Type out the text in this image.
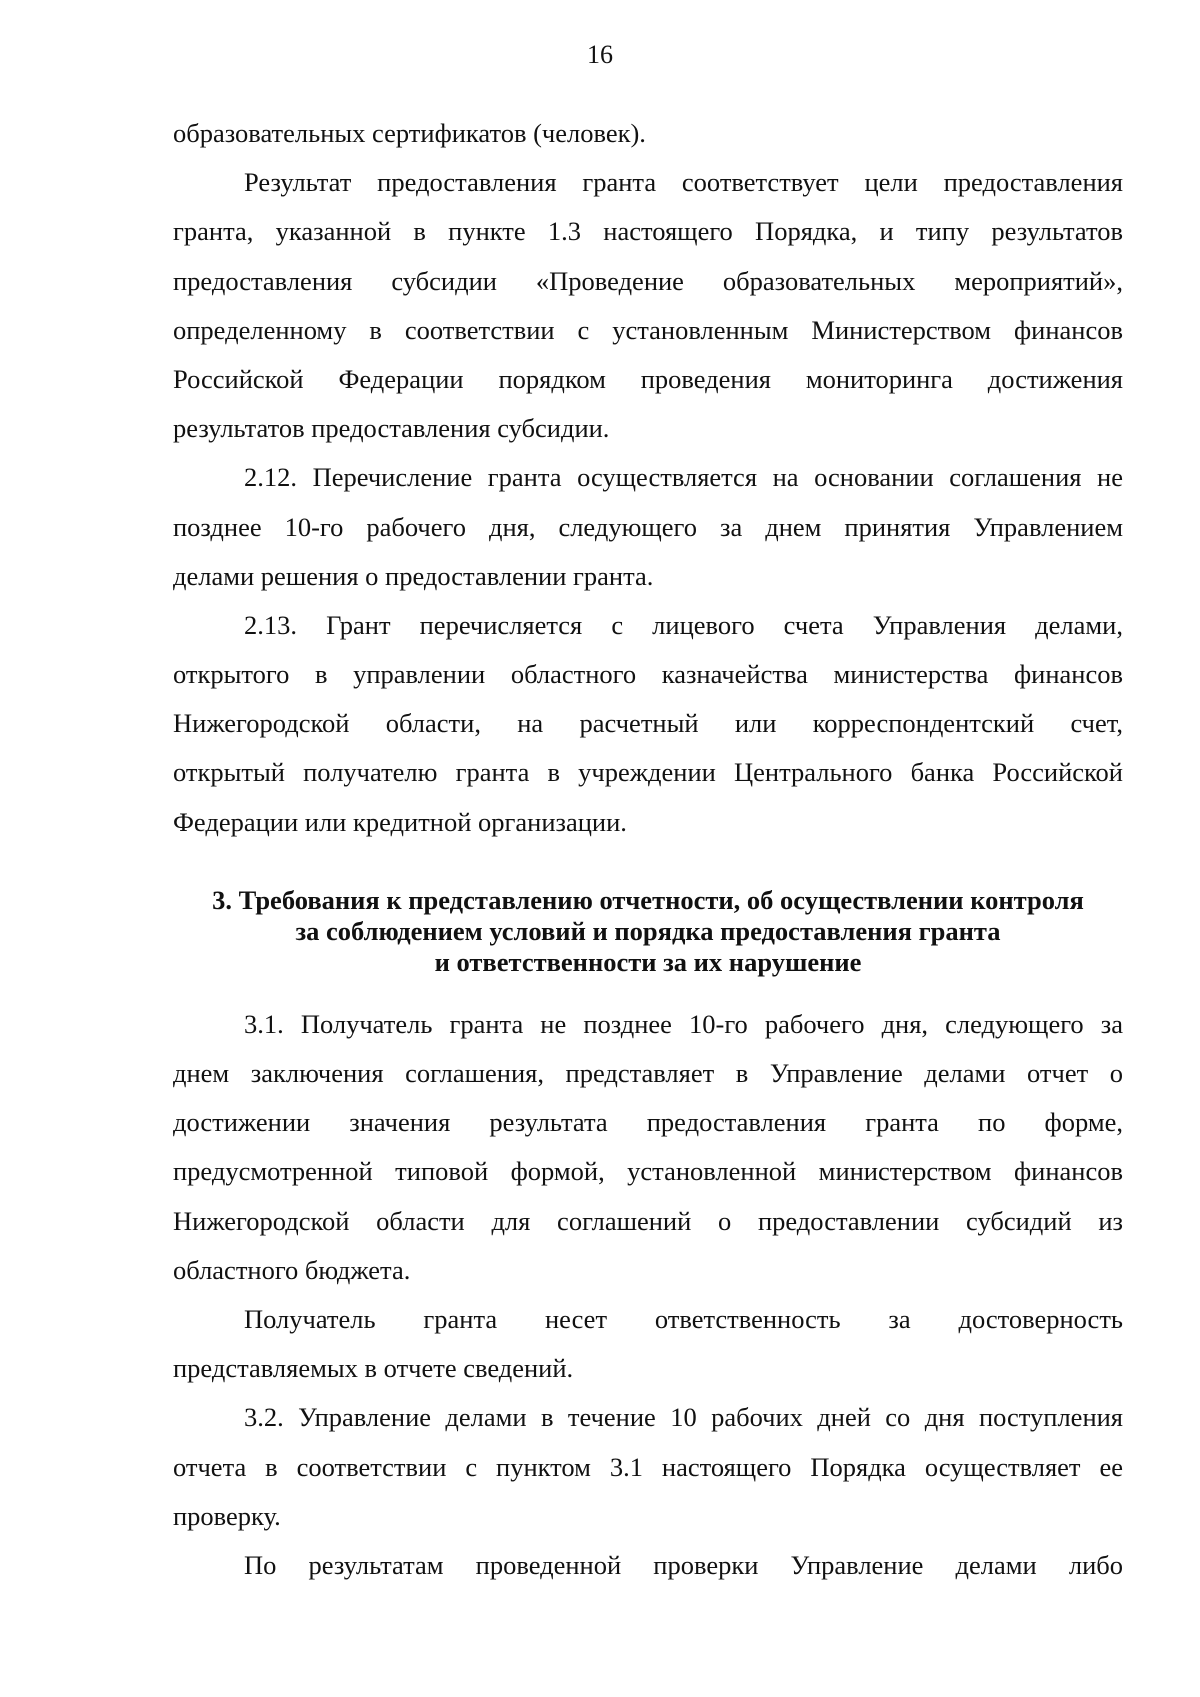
16
образовательных сертификатов (человек).
Результат предоставления гранта соответствует цели предоставления
гранта, указанной в пункте 1.3 настоящего Порядка, и типу результатов
предоставления субсидии «Проведение образовательных мероприятий»,
определенному в соответствии с установленным Министерством финансов
Российской Федерации порядком проведения мониторинга достижения
результатов предоставления субсидии.
2.12. Перечисление гранта осуществляется на основании соглашения не
позднее 10-го рабочего дня, следующего за днем принятия Управлением
делами решения о предоставлении гранта.
2.13. Грант перечисляется с лицевого счета Управления делами,
открытого в управлении областного казначейства министерства финансов
Нижегородской области, на расчетный или корреспондентский счет,
открытый получателю гранта в учреждении Центрального банка Российской
Федерации или кредитной организации.
3. Требования к представлению отчетности, об осуществлении контроля
за соблюдением условий и порядка предоставления гранта
и ответственности за их нарушение
3.1. Получатель гранта не позднее 10-го рабочего дня, следующего за
днем заключения соглашения, представляет в Управление делами отчет о
достижении значения результата предоставления гранта по форме,
предусмотренной типовой формой, установленной министерством финансов
Нижегородской области для соглашений о предоставлении субсидий из
областного бюджета.
Получатель гранта несет ответственность за достоверность
представляемых в отчете сведений.
3.2. Управление делами в течение 10 рабочих дней со дня поступления
отчета в соответствии с пунктом 3.1 настоящего Порядка осуществляет ее
проверку.
По результатам проведенной проверки Управление делами либо
